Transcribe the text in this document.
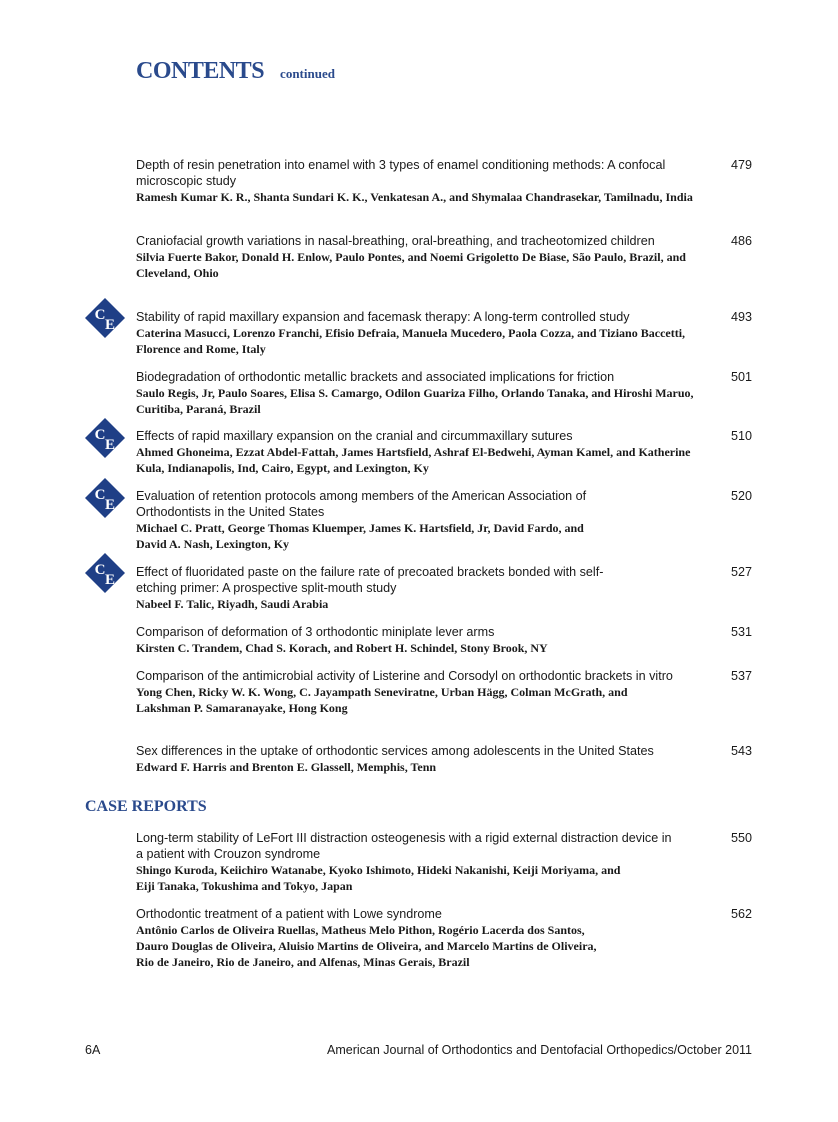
CONTENTS continued
Depth of resin penetration into enamel with 3 types of enamel conditioning methods: A confocal microscopic study
Ramesh Kumar K. R., Shanta Sundari K. K., Venkatesan A., and Shymalaa Chandrasekar, Tamilnadu, India
479
Craniofacial growth variations in nasal-breathing, oral-breathing, and tracheotomized children
Silvia Fuerte Bakor, Donald H. Enlow, Paulo Pontes, and Noemi Grigoletto De Biase, São Paulo, Brazil, and Cleveland, Ohio
486
C
E Stability of rapid maxillary expansion and facemask therapy: A long-term controlled study
Caterina Masucci, Lorenzo Franchi, Efisio Defraia, Manuela Mucedero, Paola Cozza, and Tiziano Baccetti, Florence and Rome, Italy
493
Biodegradation of orthodontic metallic brackets and associated implications for friction
Saulo Regis, Jr, Paulo Soares, Elisa S. Camargo, Odilon Guariza Filho, Orlando Tanaka, and Hiroshi Maruo, Curitiba, Paraná, Brazil
501
C
E
Effects of rapid maxillary expansion on the cranial and circummaxillary sutures
Ahmed Ghoneima, Ezzat Abdel-Fattah, James Hartsfield, Ashraf El-Bedwehi, Ayman Kamel, and Katherine Kula, Indianapolis, Ind, Cairo, Egypt, and Lexington, Ky
510
C
E
Evaluation of retention protocols among members of the American Association of Orthodontists in the United States
Michael C. Pratt, George Thomas Kluemper, James K. Hartsfield, Jr, David Fardo, and David A. Nash, Lexington, Ky
520
C
E Effect of fluoridated paste on the failure rate of precoated brackets bonded with self-etching primer: A prospective split-mouth study
Nabeel F. Talic, Riyadh, Saudi Arabia
527
Comparison of deformation of 3 orthodontic miniplate lever arms
Kirsten C. Trandem, Chad S. Korach, and Robert H. Schindel, Stony Brook, NY
531
Comparison of the antimicrobial activity of Listerine and Corsodyl on orthodontic brackets in vitro
Yong Chen, Ricky W. K. Wong, C. Jayampath Seneviratne, Urban Hägg, Colman McGrath, and Lakshman P. Samaranayake, Hong Kong
537
Sex differences in the uptake of orthodontic services among adolescents in the United States
Edward F. Harris and Brenton E. Glassell, Memphis, Tenn
543
CASE REPORTS
Long-term stability of LeFort III distraction osteogenesis with a rigid external distraction device in a patient with Crouzon syndrome
Shingo Kuroda, Keiichiro Watanabe, Kyoko Ishimoto, Hideki Nakanishi, Keiji Moriyama, and Eiji Tanaka, Tokushima and Tokyo, Japan
550
Orthodontic treatment of a patient with Lowe syndrome
Antônio Carlos de Oliveira Ruellas, Matheus Melo Pithon, Rogério Lacerda dos Santos, Dauro Douglas de Oliveira, Aluisio Martins de Oliveira, and Marcelo Martins de Oliveira, Rio de Janeiro, Rio de Janeiro, and Alfenas, Minas Gerais, Brazil
562
6A	American Journal of Orthodontics and Dentofacial Orthopedics/October 2011
